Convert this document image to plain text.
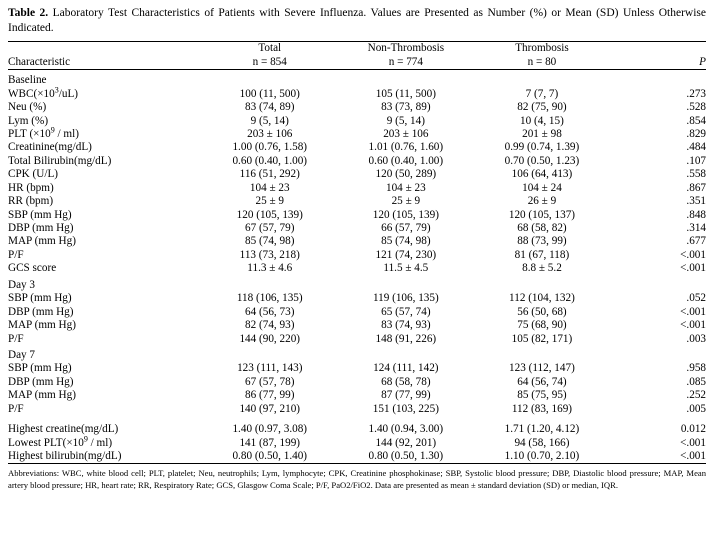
Table 2. Laboratory Test Characteristics of Patients with Severe Influenza. Values are Presented as Number (%) or Mean (SD) Unless Otherwise Indicated.

	Total	Non-Thrombosis	Thrombosis	
Characteristic	n = 854	n = 774	n = 80	P
Baseline				
$WBC(\times 10^3/uL)$	100 (11, 500)	105 (11, 500)	7 (7, 7)	.273
Neu (%)	83 (74, 89)	83 (73, 89)	82 (75, 90)	.528
Lym (%)	9 (5, 14)	9 (5, 14)	10 (4, 15)	.854
PLT $(\times 10^9 / ml)$	203 ± 106	203 ± 106	201 ± 98	.829
Creatinine(mg/dL)	1.00 (0.76, 1.58)	1.01 (0.76, 1.60)	0.99 (0.74, 1.39)	.484
Total Bilirubin(mg/dL)	0.60 (0.40, 1.00)	0.60 (0.40, 1.00)	0.70 (0.50, 1.23)	.107
CPK (U/L)	116 (51, 292)	120 (50, 289)	106 (64, 413)	.558
HR (bpm)	104 ± 23	104 ± 23	104 ± 24	.867
RR (bpm)	25 ± 9	25 ± 9	26 ± 9	.351
SBP (mm Hg)	120 (105, 139)	120 (105, 139)	120 (105, 137)	.848
DBP (mm Hg)	67 (57, 79)	66 (57, 79)	68 (58, 82)	.314
MAP (mm Hg)	85 (74, 98)	85 (74, 98)	88 (73, 99)	.677
P/F	113 (73, 218)	121 (74, 230)	81 (67, 118)	<.001
GCS score	11.3 ± 4.6	11.5 ± 4.5	8.8 ± 5.2	<.001
Day 3				
SBP (mm Hg)	118 (106, 135)	119 (106, 135)	112 (104, 132)	.052
DBP (mm Hg)	64 (56, 73)	65 (57, 74)	56 (50, 68)	<.001
MAP (mm Hg)	82 (74, 93)	83 (74, 93)	75 (68, 90)	<.001
P/F	144 (90, 220)	148 (91, 226)	105 (82, 171)	.003
Day 7				
SBP (mm Hg)	123 (111, 143)	124 (111, 142)	123 (112, 147)	.958
DBP (mm Hg)	67 (57, 78)	68 (58, 78)	64 (56, 74)	.085
MAP (mm Hg)	86 (77, 99)	87 (77, 99)	85 (75, 95)	.252
P/F	140 (97, 210)	151 (103, 225)	112 (83, 169)	.005

Highest creatine(mg/dL)	1.40 (0.97, 3.08)	1.40 (0.94, 3.00)	1.71 (1.20, 4.12)	0.012
Lowest $PLT(\times 10^9 / ml)$	141 (87, 199)	144 (92, 201)	94 (58, 166)	<.001
Highest bilirubin(mg/dL)	0.80 (0.50, 1.40)	0.80 (0.50, 1.30)	1.10 (0.70, 2.10)	<.001

Abbreviations: WBC, white blood cell; PLT, platelet; Neu, neutrophils; Lym, lymphocyte; CPK, Creatinine phosphokinase; SBP, Systolic blood pressure; DBP, Diastolic blood pressure; MAP, Mean artery blood pressure; HR, heart rate; RR, Respiratory Rate; GCS, Glasgow Coma Scale; P/F, PaO2/FiO2. Data are presented as mean ± standard deviation (SD) or median, IQR.
